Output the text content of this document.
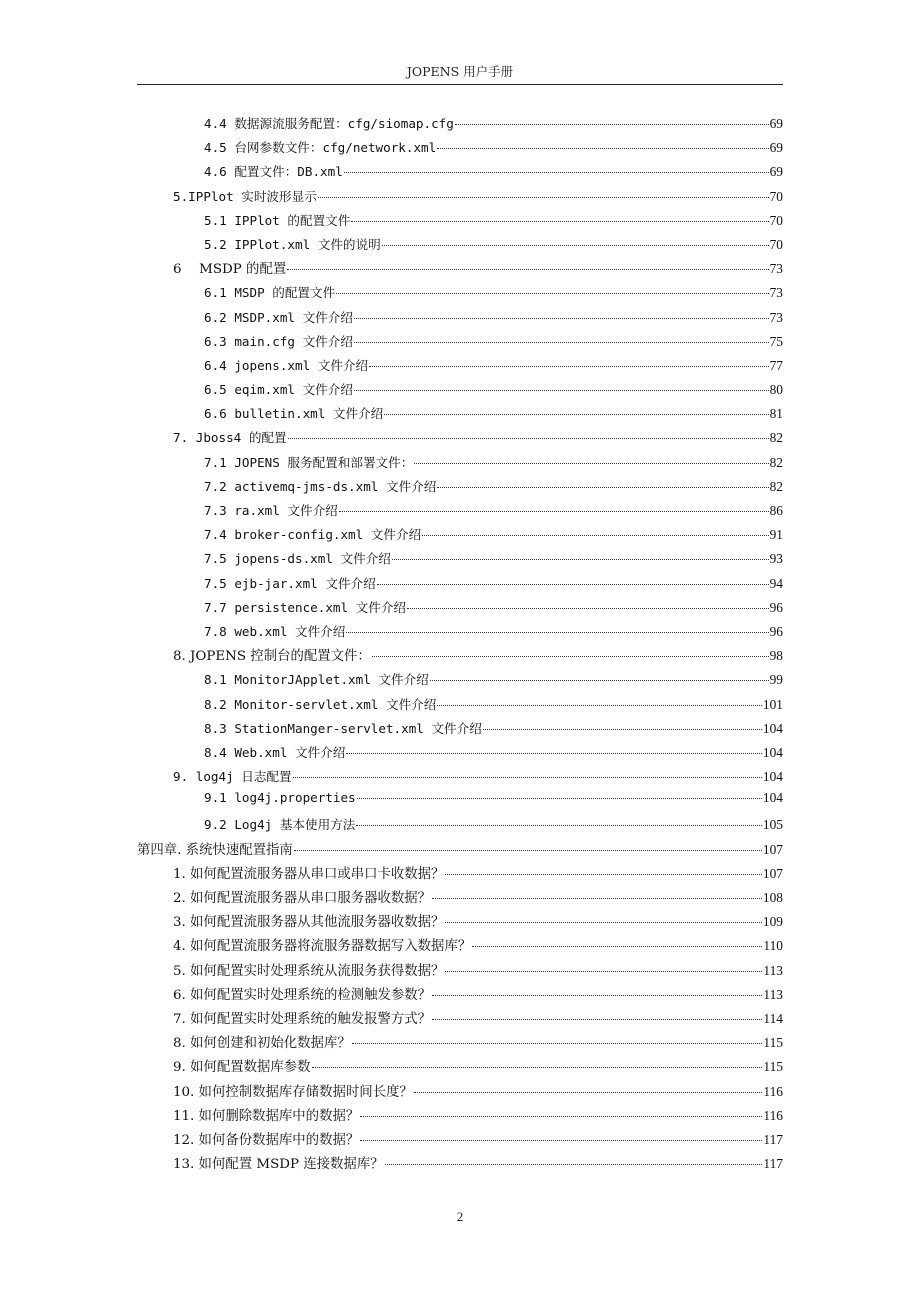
JOPENS 用户手册
4.4 数据源流服务配置：cfg/siomap.cfg	69
4.5 台网参数文件：cfg/network.xml	69
4.6 配置文件：DB.xml	69
5.IPPlot 实时波形显示	70
5.1 IPPlot 的配置文件	70
5.2 IPPlot.xml 文件的说明	70
6　 MSDP 的配置	73
6.1 MSDP 的配置文件	73
6.2 MSDP.xml 文件介绍	73
6.3 main.cfg 文件介绍	75
6.4 jopens.xml 文件介绍	77
6.5 eqim.xml 文件介绍	80
6.6 bulletin.xml 文件介绍	81
7. Jboss4 的配置	82
7.1 JOPENS 服务配置和部署文件：	82
7.2 activemq-jms-ds.xml 文件介绍	82
7.3 ra.xml 文件介绍	86
7.4 broker-config.xml 文件介绍	91
7.5 jopens-ds.xml 文件介绍	93
7.5 ejb-jar.xml 文件介绍	94
7.7 persistence.xml 文件介绍	96
7.8 web.xml 文件介绍	96
8. JOPENS 控制台的配置文件：	98
8.1 MonitorJApplet.xml 文件介绍	99
8.2 Monitor-servlet.xml 文件介绍	101
8.3 StationManger-servlet.xml 文件介绍	104
8.4 Web.xml 文件介绍	104
9. log4j 日志配置	104
9.1 log4j.properties	104
9.2 Log4j 基本使用方法	105
第四章. 系统快速配置指南	107
1. 如何配置流服务器从串口或串口卡收数据？	107
2. 如何配置流服务器从串口服务器收数据？	108
3. 如何配置流服务器从其他流服务器收数据？	109
4. 如何配置流服务器将流服务器数据写入数据库？	110
5. 如何配置实时处理系统从流服务获得数据？	113
6. 如何配置实时处理系统的检测触发参数？	113
7. 如何配置实时处理系统的触发报警方式？	114
8. 如何创建和初始化数据库？	115
9. 如何配置数据库参数	115
10. 如何控制数据库存储数据时间长度？	116
11. 如何删除数据库中的数据？	116
12. 如何备份数据库中的数据？	117
13. 如何配置 MSDP 连接数据库？	117
2
